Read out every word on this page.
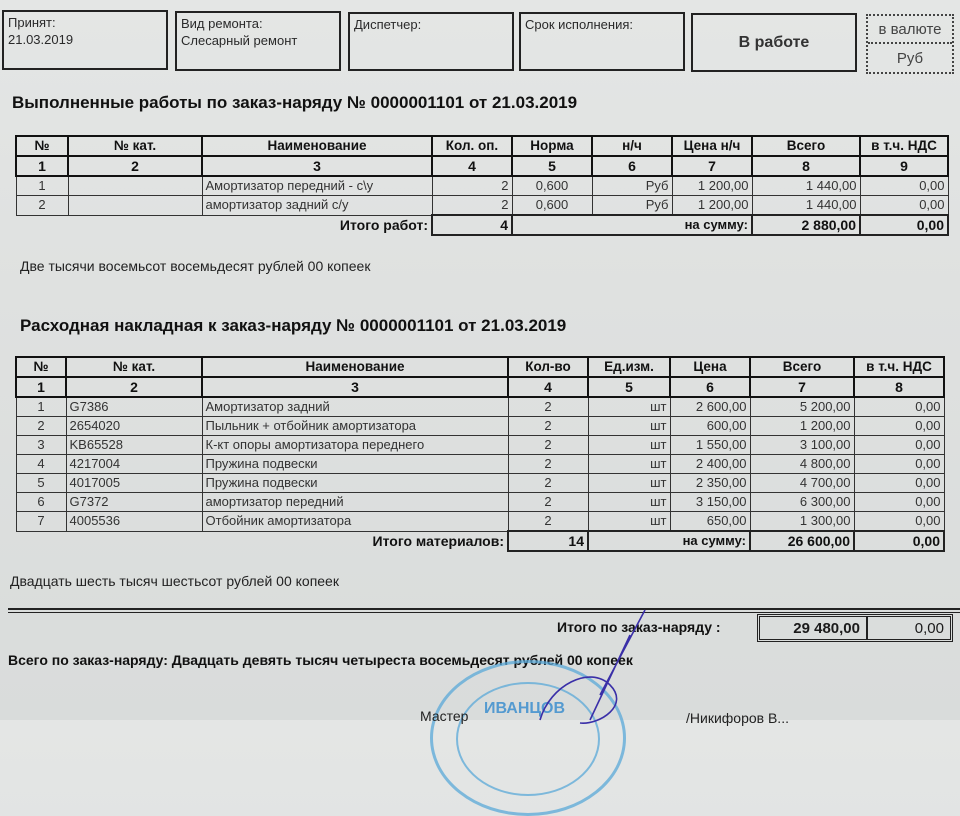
Принят:
21.03.2019
Вид ремонта:
Слесарный ремонт
Диспетчер:	Срок исполнения:
В работе
в валюте
Руб
Выполненные работы по заказ-наряду № 0000001101 от 21.03.2019
№	№ кат.	Наименование	Кол. оп.	Норма	н/ч	Цена н/ч	Всего	в т.ч. НДС
1	2	3	4	5	6	7	8	9
1		Амортизатор передний - с\у	2	0,600	Руб	1 200,00	1 440,00	0,00
2		амортизатор задний с/у	2	0,600	Руб	1 200,00	1 440,00	0,00
		Итого работ:	4	на сумму:			2 880,00	0,00
Две тысячи восемьсот восемьдесят рублей 00 копеек
Расходная накладная к заказ-наряду № 0000001101 от 21.03.2019
№	№ кат.	Наименование	Кол-во	Ед.изм.	Цена	Всего	в т.ч. НДС
1	2	3	4	5	6	7	8
1	G7386	Амортизатор задний	2	шт	2 600,00	5 200,00	0,00
2	2654020	Пыльник + отбойник амортизатора	2	шт	600,00	1 200,00	0,00
3	KB65528	К-кт опоры амортизатора переднего	2	шт	1 550,00	3 100,00	0,00
4	4217004	Пружина подвески	2	шт	2 400,00	4 800,00	0,00
5	4017005	Пружина подвески	2	шт	2 350,00	4 700,00	0,00
6	G7372	амортизатор передний	2	шт	3 150,00	6 300,00	0,00
7	4005536	Отбойник амортизатора	2	шт	650,00	1 300,00	0,00
		Итого материалов:	14	на сумму:		26 600,00	0,00
Двадцать шесть тысяч шестьсот рублей 00 копеек
Итого по заказ-наряду :	29 480,00	0,00
Всего по заказ-наряду: Двадцать девять тысяч четыреста восемьдесят рублей 00 копеек
ИВАНЦОВ
Мастер	/Никифоров В...
